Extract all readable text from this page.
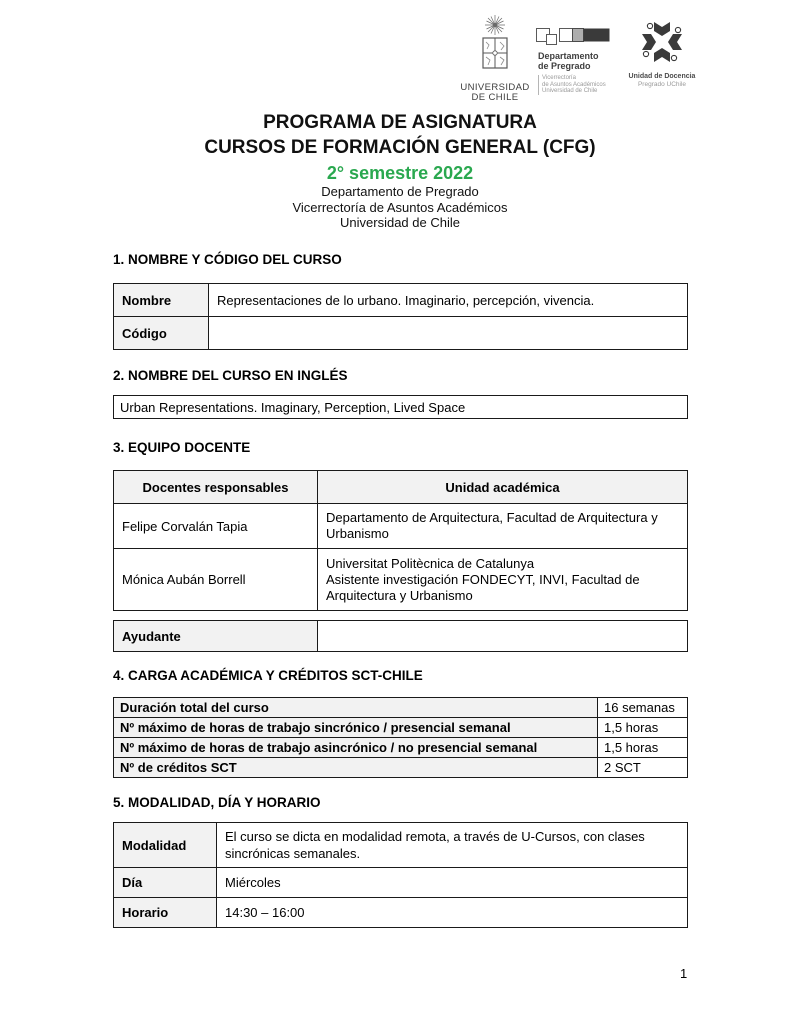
UNIVERSIDAD
DE CHILE
Departamento
de Pregrado
Vicerrectoría
de Asuntos Académicos
Universidad de Chile
Unidad de Docencia
Pregrado UChile
PROGRAMA DE ASIGNATURA
CURSOS DE FORMACIÓN GENERAL (CFG)
2° semestre 2022
Departamento de Pregrado
Vicerrectoría de Asuntos Académicos
Universidad de Chile
1. NOMBRE Y CÓDIGO DEL CURSO
Nombre	Representaciones de lo urbano. Imaginario, percepción, vivencia.
Código	
2. NOMBRE DEL CURSO EN INGLÉS
Urban Representations. Imaginary, Perception, Lived Space
3. EQUIPO DOCENTE
Docentes responsables	Unidad académica
Felipe Corvalán Tapia	Departamento de Arquitectura, Facultad de Arquitectura y Urbanismo

Mónica Aubán Borrell	Universitat Politècnica de Catalunya
Asistente investigación FONDECYT, INVI, Facultad de Arquitectura y Urbanismo
Ayudante	
4. CARGA ACADÉMICA Y CRÉDITOS SCT-CHILE
Duración total del curso	16 semanas
Nº máximo de horas de trabajo sincrónico / presencial semanal	1,5 horas
Nº máximo de horas de trabajo asincrónico / no presencial semanal	1,5 horas
Nº de créditos SCT	2 SCT
5. MODALIDAD, DÍA Y HORARIO
Modalidad	El curso se dicta en modalidad remota, a través de U-Cursos, con clases sincrónicas semanales.
Día	Miércoles
Horario	14:30 – 16:00
1
